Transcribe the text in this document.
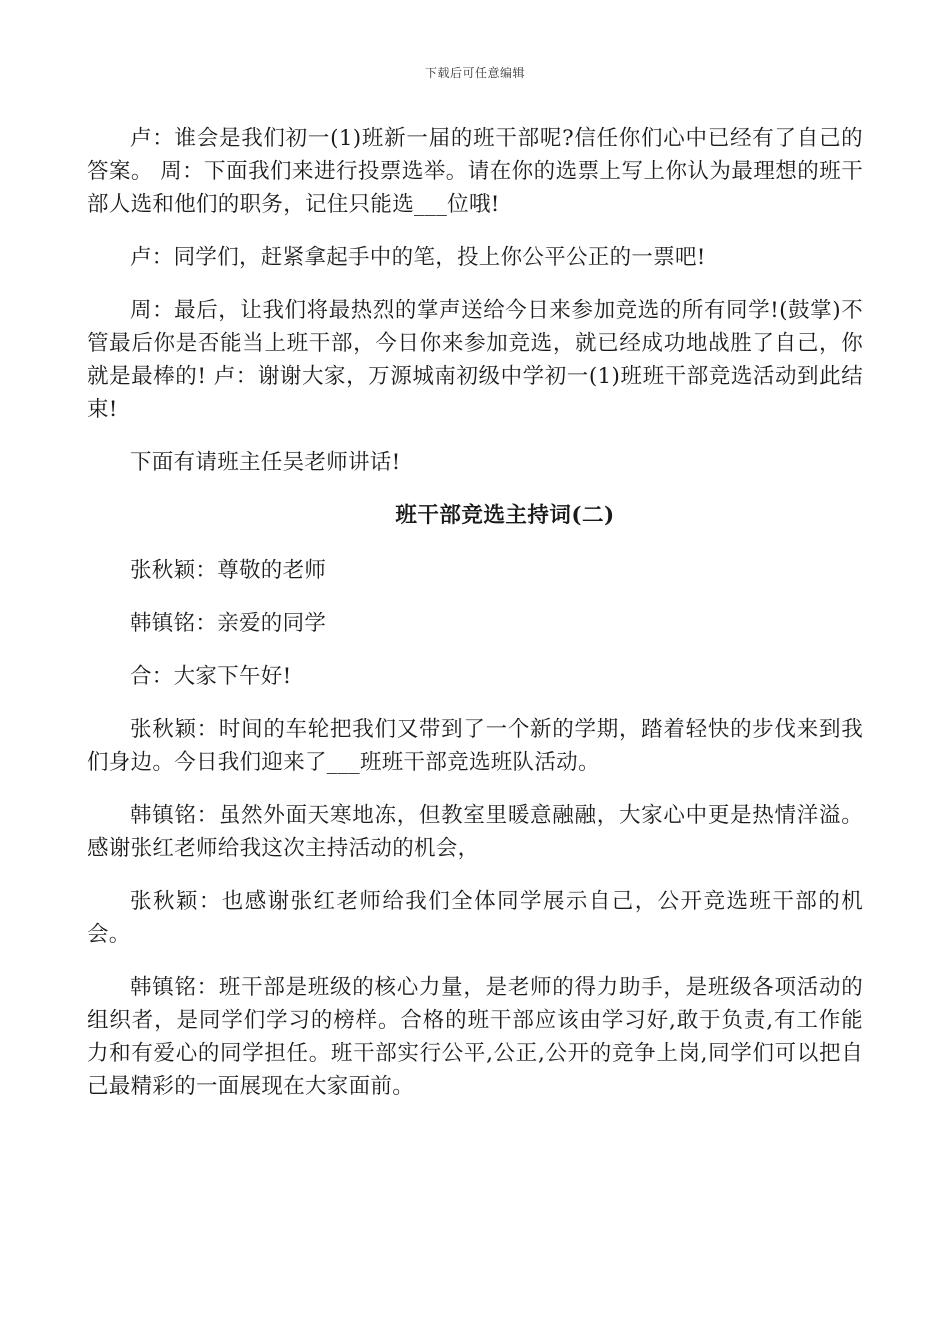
下载后可任意编辑

卢：谁会是我们初一(1)班新一届的班干部呢?信任你们心中已经有了自己的答案。 周：下面我们来进行投票选举。请在你的选票上写上你认为最理想的班干部人选和他们的职务，记住只能选___位哦!

卢：同学们，赶紧拿起手中的笔，投上你公平公正的一票吧!

周：最后，让我们将最热烈的掌声送给今日来参加竞选的所有同学!(鼓掌)不管最后你是否能当上班干部，今日你来参加竞选，就已经成功地战胜了自己，你就是最棒的! 卢：谢谢大家，万源城南初级中学初一(1)班班干部竞选活动到此结束!

下面有请班主任吴老师讲话!

班干部竞选主持词(二)

张秋颖：尊敬的老师

韩镇铭：亲爱的同学

合：大家下午好!

张秋颖：时间的车轮把我们又带到了一个新的学期，踏着轻快的步伐来到我们身边。今日我们迎来了___班班干部竞选班队活动。

韩镇铭：虽然外面天寒地冻，但教室里暖意融融，大家心中更是热情洋溢。感谢张红老师给我这次主持活动的机会，

张秋颖：也感谢张红老师给我们全体同学展示自己，公开竞选班干部的机会。

韩镇铭：班干部是班级的核心力量，是老师的得力助手，是班级各项活动的组织者，是同学们学习的榜样。合格的班干部应该由学习好,敢于负责,有工作能力和有爱心的同学担任。班干部实行公平,公正,公开的竞争上岗,同学们可以把自己最精彩的一面展现在大家面前。
